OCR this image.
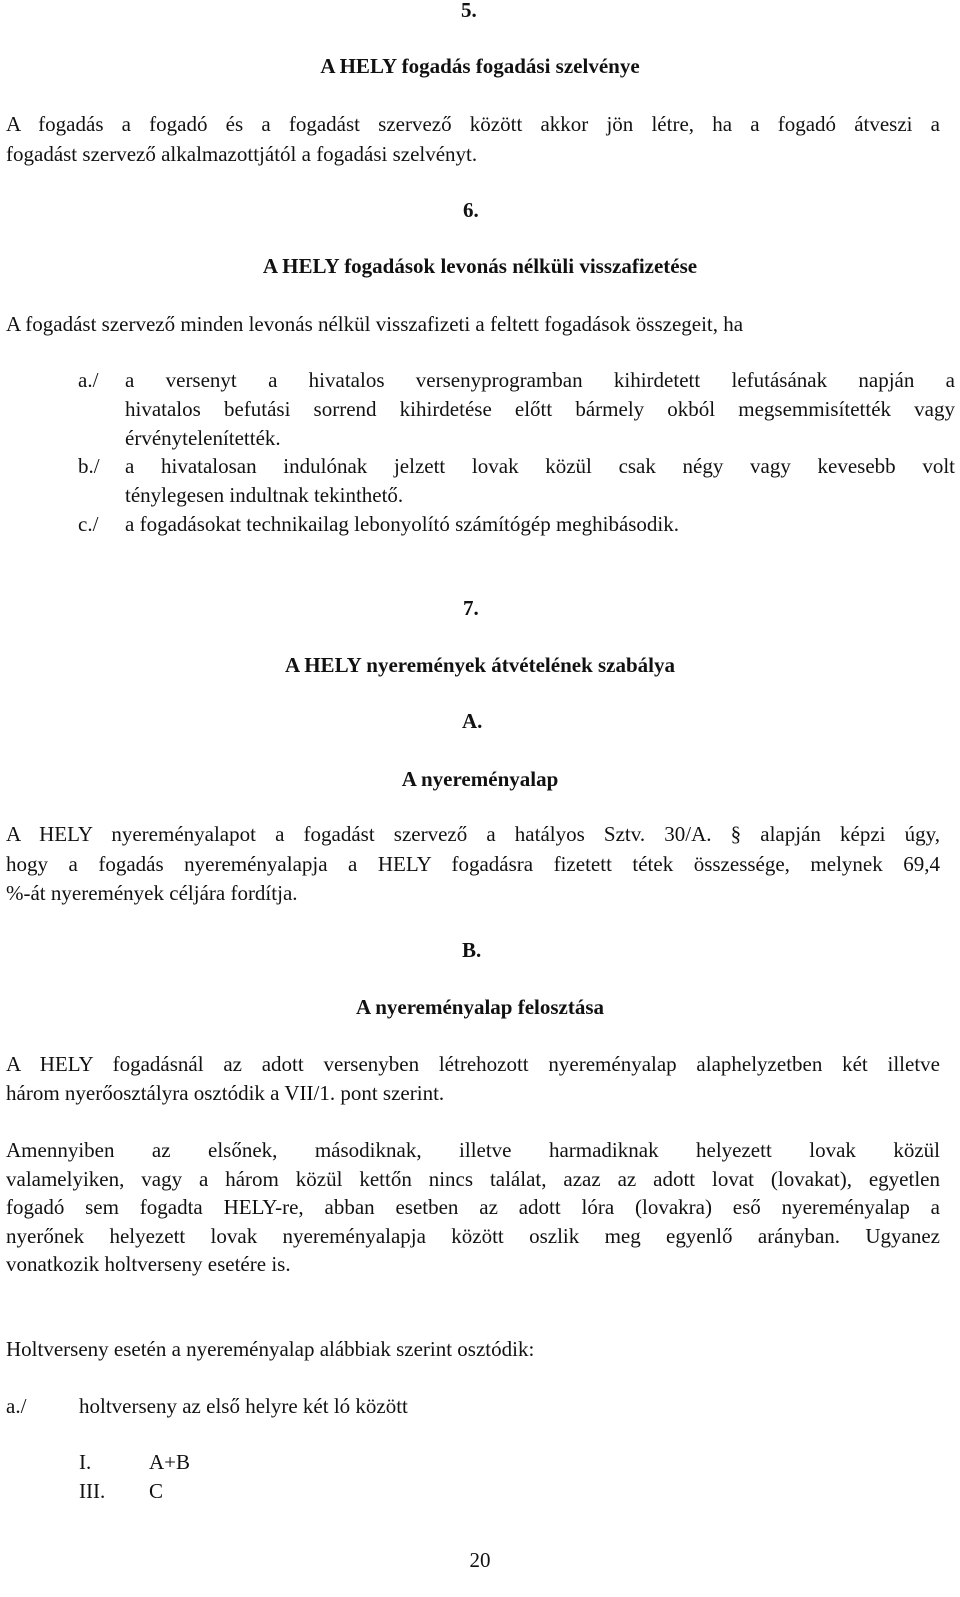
5.
A HELY fogadás fogadási szelvénye
A fogadás a fogadó és a fogadást szervező között akkor jön létre, ha a fogadó átveszi a
fogadást szervező alkalmazottjától a fogadási szelvényt.
6.
A HELY fogadások levonás nélküli visszafizetése
A fogadást szervező minden levonás nélkül visszafizeti a feltett fogadások összegeit, ha
a./	a versenyt a hivatalos versenyprogramban kihirdetett lefutásának napján a
hivatalos befutási sorrend kihirdetése előtt bármely okból megsemmisítették vagy
érvénytelenítették.
b./	a hivatalosan indulónak jelzett lovak közül csak négy vagy kevesebb volt
ténylegesen indultnak tekinthető.
c./	a fogadásokat technikailag lebonyolító számítógép meghibásodik.
7.
A HELY nyeremények átvételének szabálya
A.
A nyereményalap
A HELY nyereményalapot a fogadást szervező a hatályos Sztv. 30/A. § alapján képzi úgy,
hogy a fogadás nyereményalapja a HELY fogadásra fizetett tétek összessége, melynek 69,4
%-át nyeremények céljára fordítja.
B.
A nyereményalap felosztása
A HELY fogadásnál az adott versenyben létrehozott nyereményalap alaphelyzetben két illetve
három nyerőosztályra osztódik a VII/1. pont szerint.
Amennyiben az elsőnek, másodiknak, illetve harmadiknak helyezett lovak közül
valamelyiken, vagy a három közül kettőn nincs találat, azaz az adott lovat (lovakat), egyetlen
fogadó sem fogadta HELY-re, abban esetben az adott lóra (lovakra) eső nyereményalap a
nyerőnek helyezett lovak nyereményalapja között oszlik meg egyenlő arányban. Ugyanez
vonatkozik holtverseny esetére is.
Holtverseny esetén a nyereményalap alábbiak szerint osztódik:
a./	holtverseny az első helyre két ló között
I.	A+B
III. C
20
